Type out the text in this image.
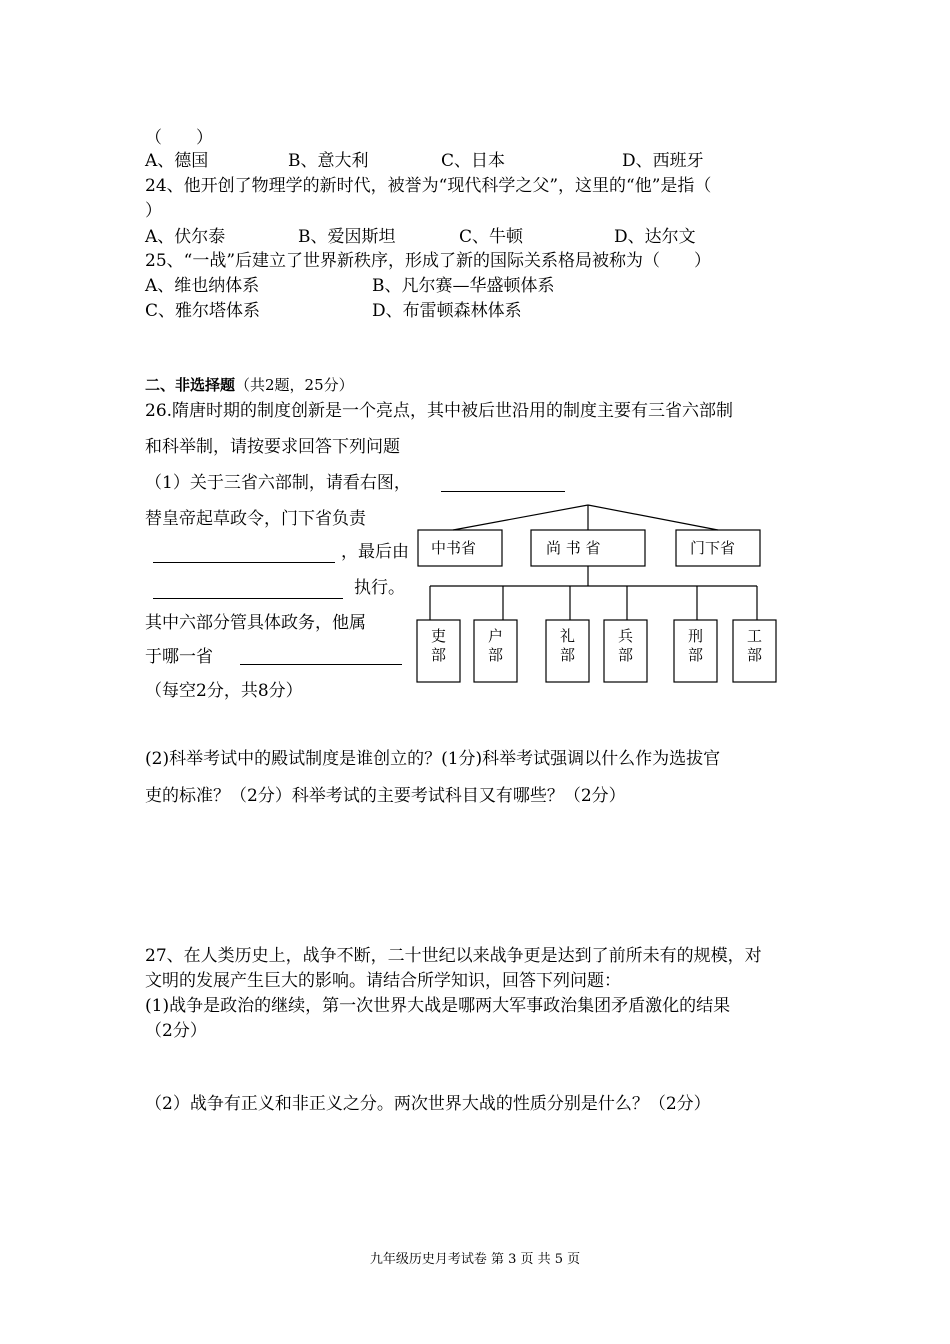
（　　）
A、德国	B、意大利	C、日本	D、西班牙
24、他开创了物理学的新时代，被誉为“现代科学之父”，这里的“他”是指（
）
A、伏尔泰	B、爱因斯坦	C、牛顿	D、达尔文
25、“一战”后建立了世界新秩序，形成了新的国际关系格局被称为（　　）
A、维也纳体系	B、凡尔赛—华盛顿体系
C、雅尔塔体系	D、布雷顿森林体系
二、非选择题（共2题，25分）
26.隋唐时期的制度创新是一个亮点，其中被后世沿用的制度主要有三省六部制
和科举制，请按要求回答下列问题
（1）关于三省六部制，请看右图，
替皇帝起草政令，门下省负责
，最后由
执行。
其中六部分管具体政务，他属
于哪一省
（每空2分，共8分）
中书省	尚 书 省	门下省
吏
部
户
部
礼
部
兵
部
刑
部
工
部
(2)科举考试中的殿试制度是谁创立的？(1分)科举考试强调以什么作为选拔官
吏的标准？（2分）科举考试的主要考试科目又有哪些？（2分）
27、在人类历史上，战争不断，二十世纪以来战争更是达到了前所未有的规模，对
文明的发展产生巨大的影响。请结合所学知识，回答下列问题：
(1)战争是政治的继续，第一次世界大战是哪两大军事政治集团矛盾激化的结果
（2分）
（2）战争有正义和非正义之分。两次世界大战的性质分别是什么？（2分）
九年级历史月考试卷 第 3 页 共 5 页
